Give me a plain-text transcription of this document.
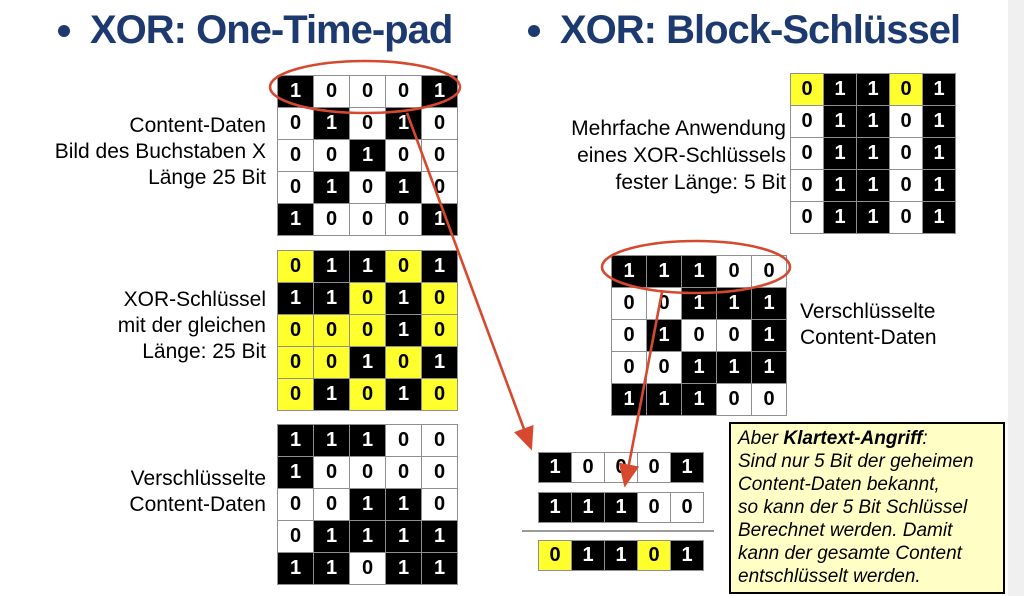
XOR: One-Time-pad	XOR: Block-Schlüssel
Content-Daten
Bild des Buchstaben X
Länge 25 Bit
XOR-Schlüssel
mit der gleichen
Länge: 25 Bit
Verschlüsselte
Content-Daten
1	0	0	0	1
0	1	0	1	0
0	0	1	0	0
0	1	0	1	0
1	0	0	0	1
0	1	1	0	1
1	1	0	1	0
0	0	0	1	0
0	0	1	0	1
0	1	0	1	0
1	1	1	0	0
1	0	0	0	0
0	0	1	1	0
0	1	1	1	1
1	1	0	1	1
Mehrfache Anwendung
eines XOR-Schlüssels
fester Länge: 5 Bit
Verschlüsselte
Content-Daten
0	1	1	0	1
0	1	1	0	1
0	1	1	0	1
0	1	1	0	1
0	1	1	0	1
1	1	1	0	0
0	0	1	1	1
0	1	0	0	1
0	0	1	1	1
1	1	1	0	0
1	0	0	0	1
1	1	1	0	0
0	1	1	0	1
Aber Klartext-Angriff:
Sind nur 5 Bit der geheimen
Content-Daten bekannt,
so kann der 5 Bit Schlüssel
Berechnet werden. Damit
kann der gesamte Content
entschlüsselt werden.
